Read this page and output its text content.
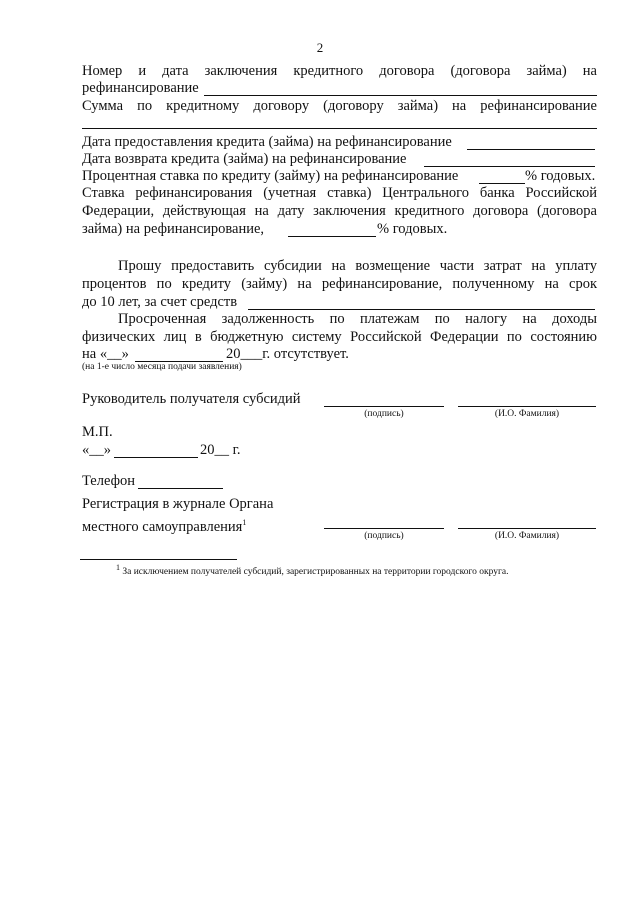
2
Номер и дата заключения кредитного договора (договора займа) на
рефинансирование
Сумма по кредитному договору (договору займа) на рефинансирование
Дата предоставления кредита (займа) на рефинансирование
Дата возврата кредита (займа) на рефинансирование
Процентная ставка по кредиту (займу) на рефинансирование	% годовых.
Ставка рефинансирования (учетная ставка) Центрального банка Российской
Федерации, действующая на дату заключения кредитного договора (договора
займа) на рефинансирование,	% годовых.
Прошу предоставить субсидии на возмещение части затрат на уплату
процентов по кредиту (займу) на рефинансирование, полученному на срок
до 10 лет, за счет средств
Просроченная задолженность по платежам по налогу на доходы
физических лиц в бюджетную систему Российской Федерации по состоянию
на «__»	20___г. отсутствует.
(на 1-е число месяца подачи заявления)
Руководитель получателя субсидий
(подпись)	(И.О. Фамилия)
М.П.
«__»	20__ г.
Телефон
Регистрация в журнале Органа
местного самоуправления$^1$
(подпись)	(И.О. Фамилия)
$^1$ За исключением получателей субсидий, зарегистрированных на территории городского округа.
